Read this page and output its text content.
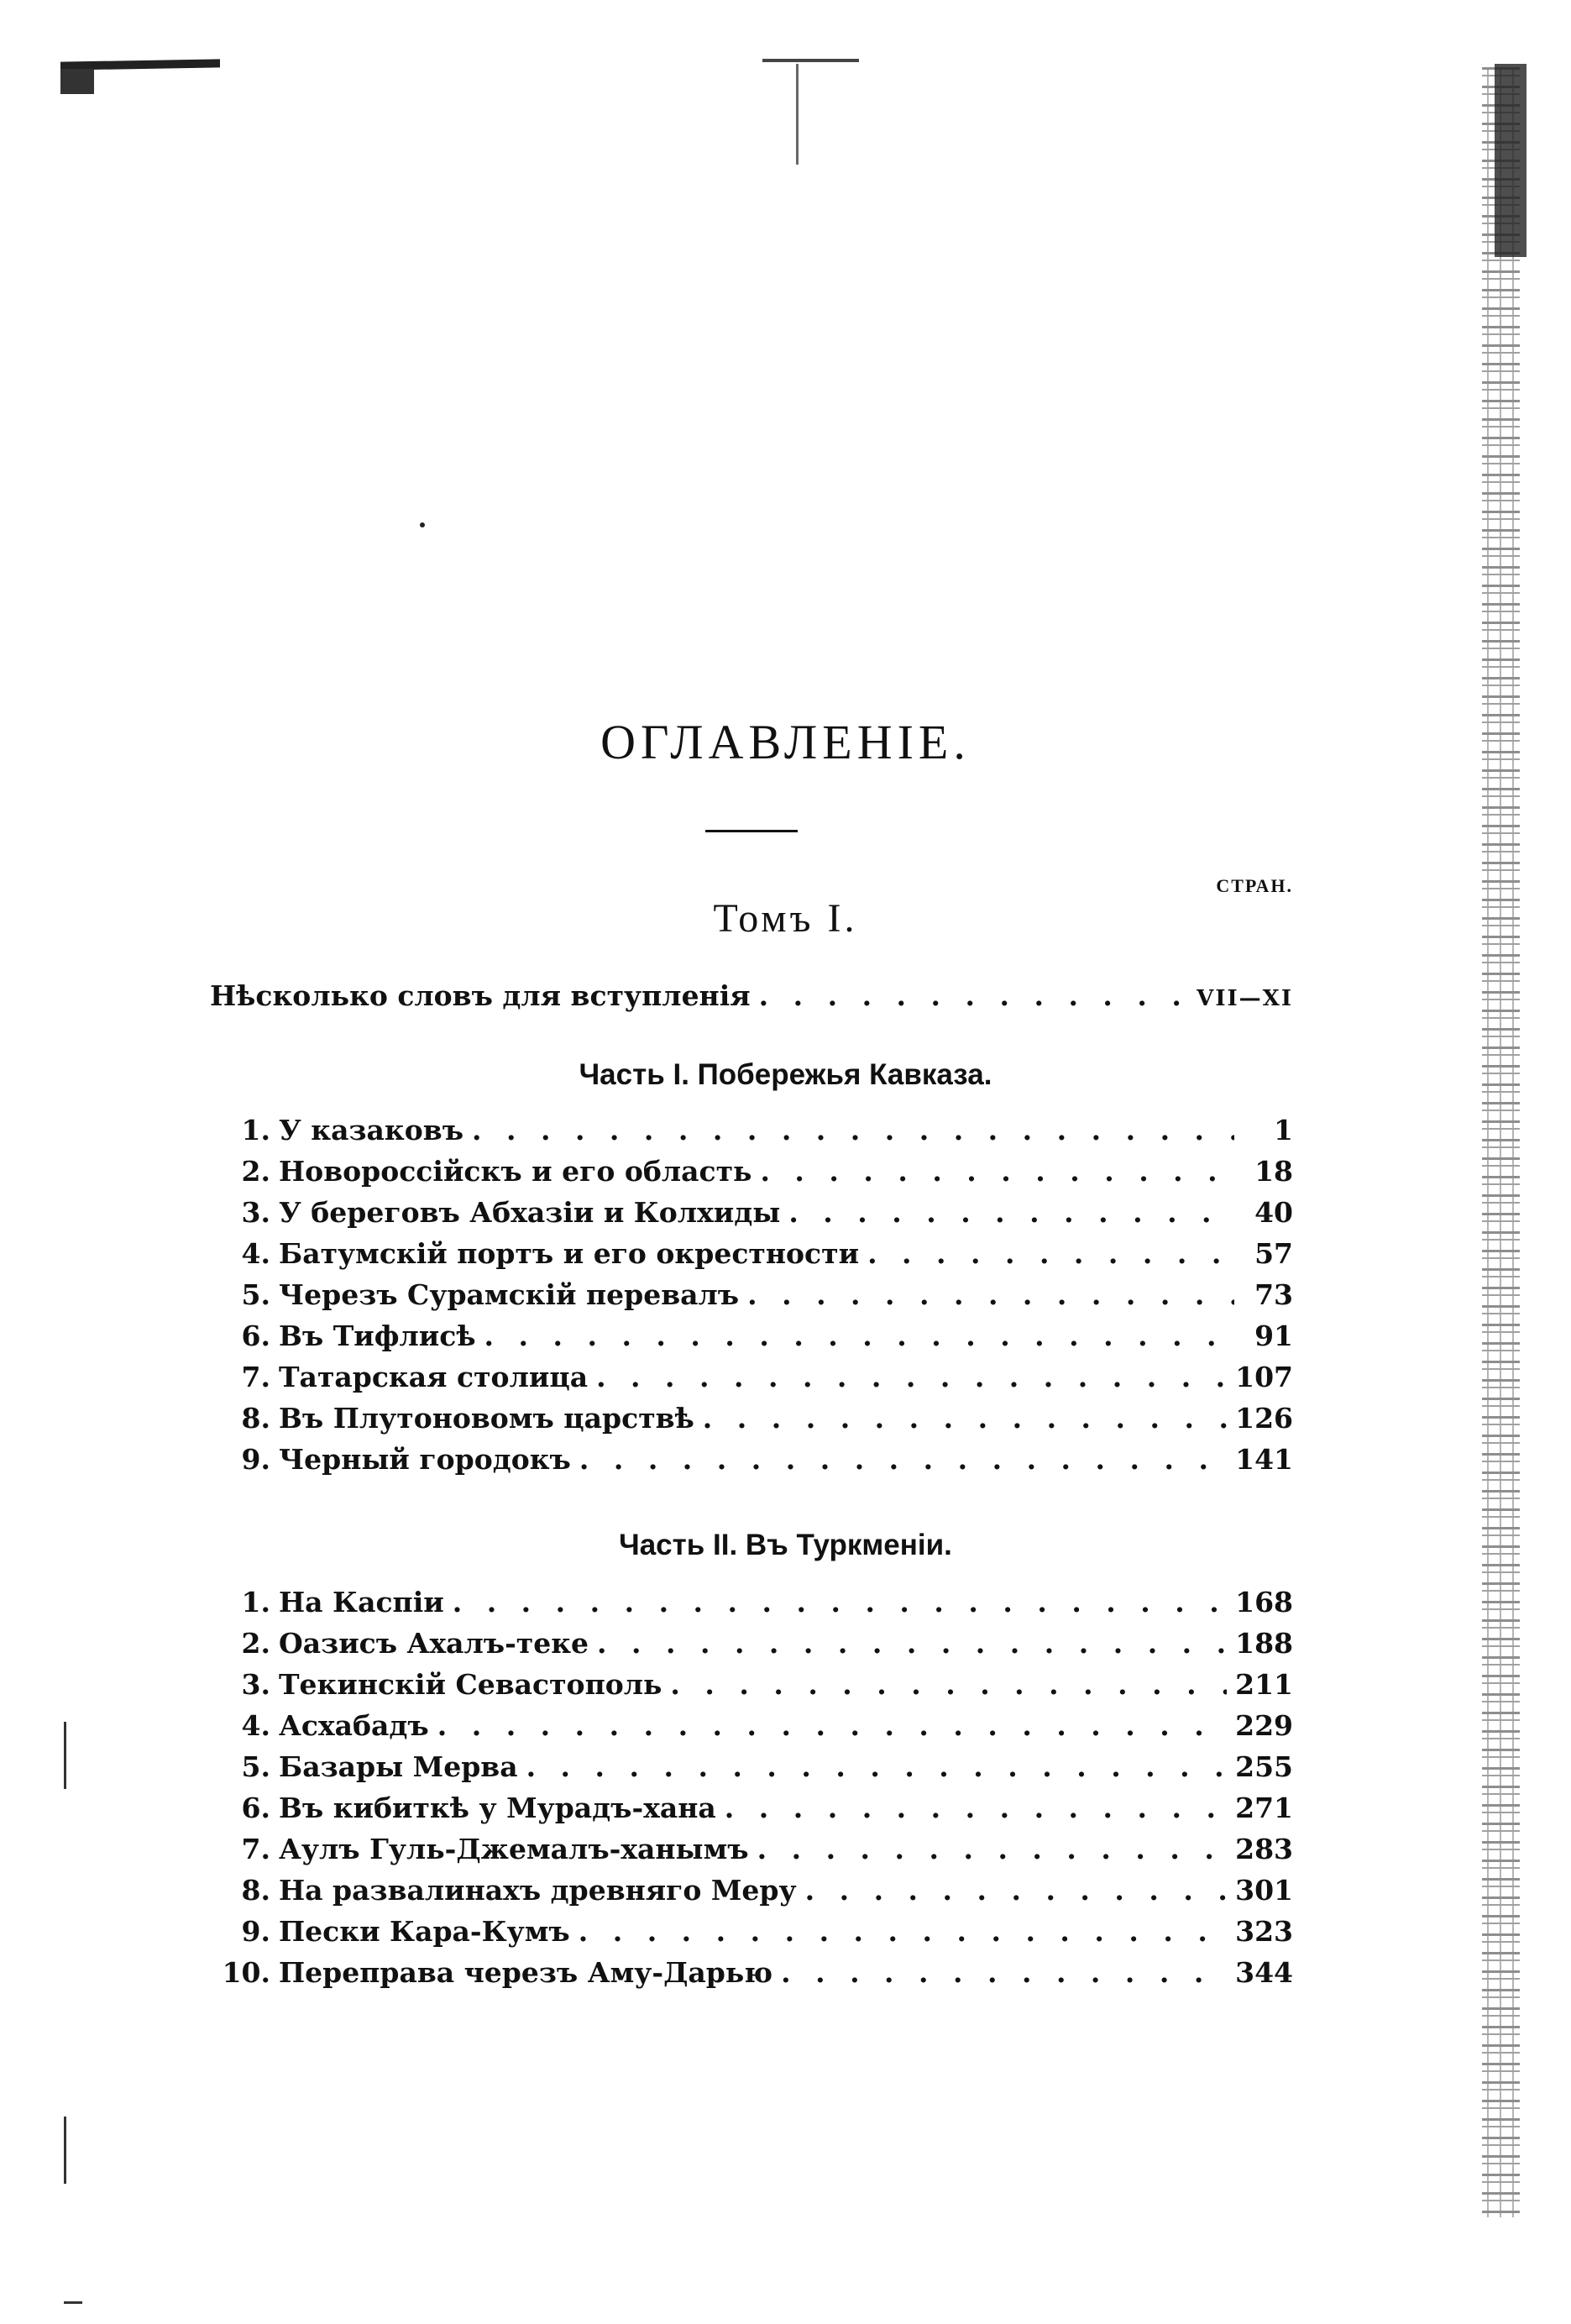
ОГЛАВЛЕНІЕ.
СТРАН.
Томъ I.
Нѣсколько словъ для вступленія . . .	VII—XI
Часть I. Побережья Кавказа.
1. У казаковъ . . .	1
2. Новороссійскъ и его область . . .	18
3. У береговъ Абхазіи и Колхиды . . .	40
4. Батумскій портъ и его окрестности . . .	57
5. Черезъ Сурамскій перевалъ . . .	73
6. Въ Тифлисѣ . . .	91
7. Татарская столица . . .	107
8. Въ Плутоновомъ царствѣ . . .	126
9. Черный городокъ . . .	141
Часть II. Въ Туркменіи.
1. На Каспіи . . .	168
2. Оазисъ Ахалъ-теке . . .	188
3. Текинскій Севастополь . . .	211
4. Асхабадъ . . .	229
5. Базары Мерва . . .	255
6. Въ кибиткѣ у Мурадъ-хана . . .	271
7. Аулъ Гуль-Джемалъ-ханымъ . . .	283
8. На развалинахъ древняго Меру . . .	301
9. Пески Кара-Кумъ . . .	323
10. Переправа черезъ Аму-Дарью . . .	344
